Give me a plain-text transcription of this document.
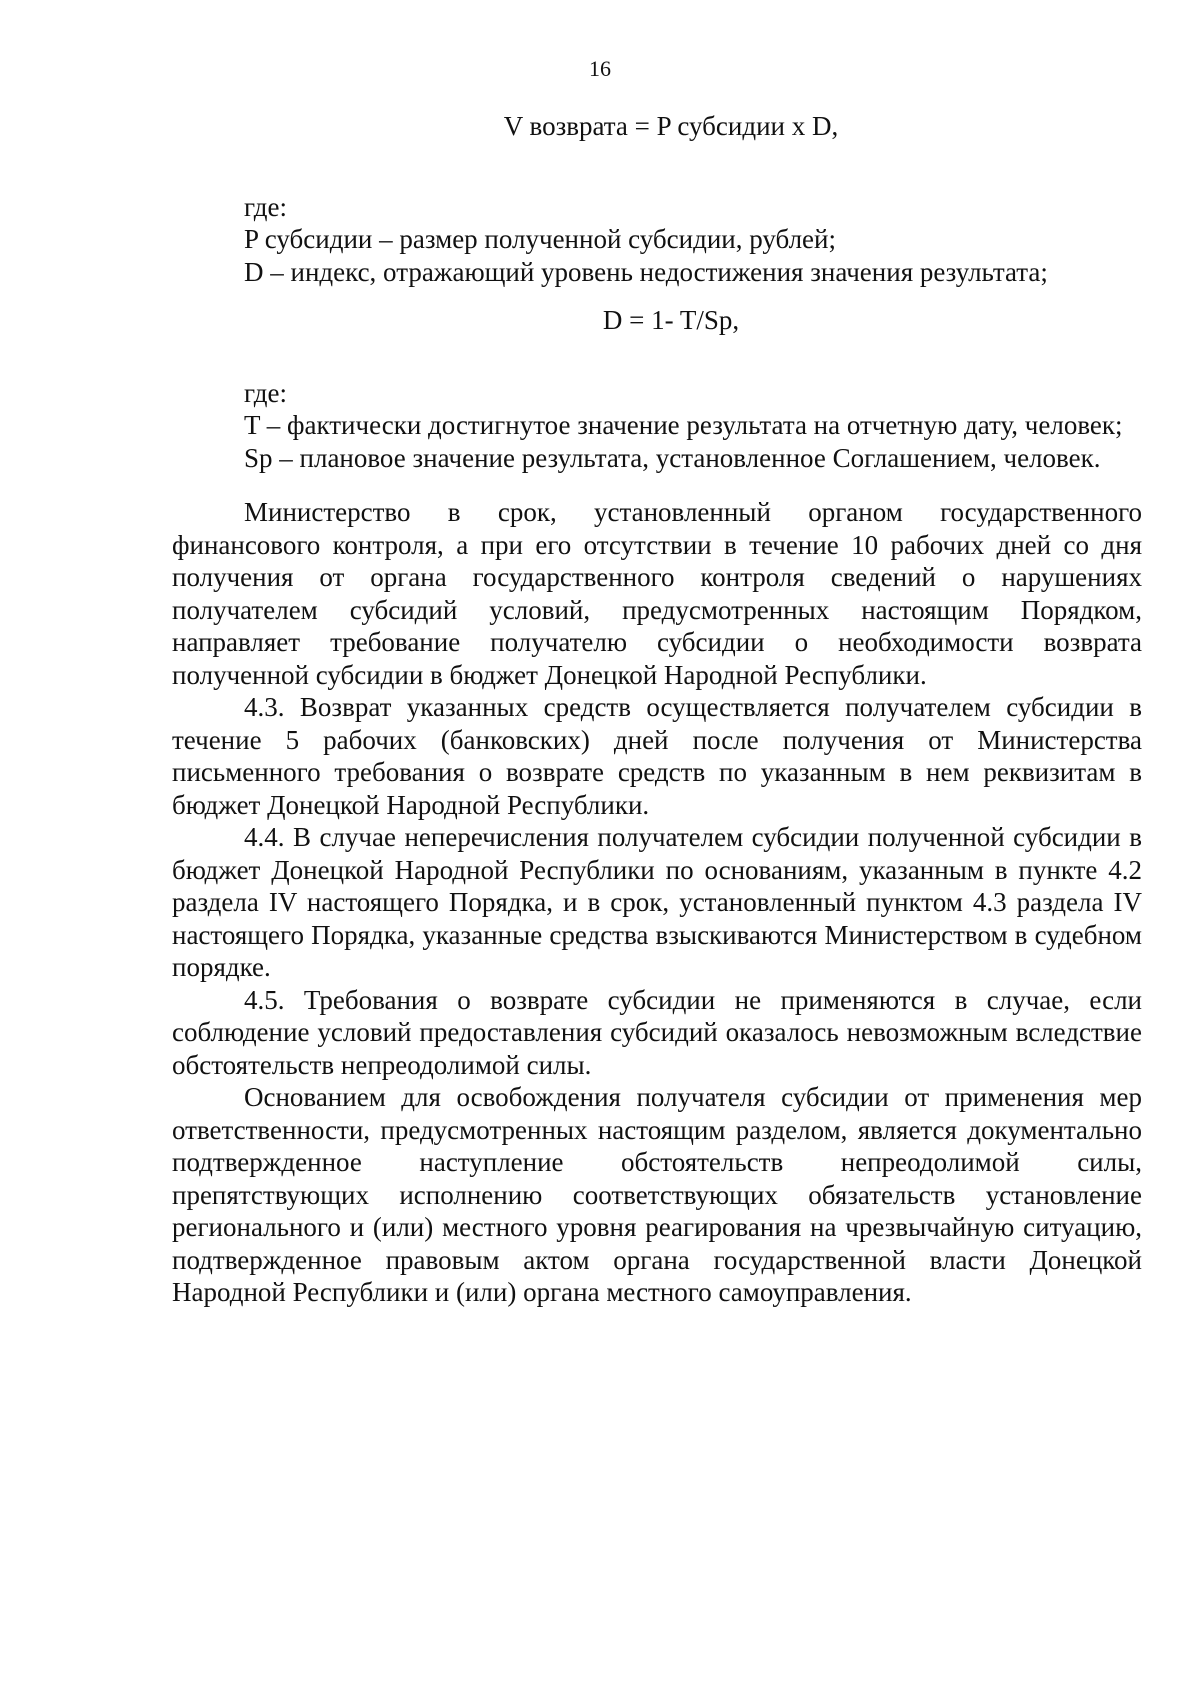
16

V возврата = P субсидии x D,

где:

P субсидии – размер полученной субсидии, рублей;

D – индекс, отражающий уровень недостижения значения результата;

D = 1- T/Sp,

где:

T – фактически достигнутое значение результата на отчетную дату, человек;

Sp – плановое значение результата, установленное Соглашением, человек.

Министерство в срок, установленный органом государственного финансового контроля, а при его отсутствии в течение 10 рабочих дней со дня получения от органа государственного контроля сведений о нарушениях получателем субсидий условий, предусмотренных настоящим Порядком, направляет требование получателю субсидии о необходимости возврата полученной субсидии в бюджет Донецкой Народной Республики.

4.3. Возврат указанных средств осуществляется получателем субсидии в течение 5 рабочих (банковских) дней после получения от Министерства письменного требования о возврате средств по указанным в нем реквизитам в бюджет Донецкой Народной Республики.

4.4. В случае неперечисления получателем субсидии полученной субсидии в бюджет Донецкой Народной Республики по основаниям, указанным в пункте 4.2 раздела IV настоящего Порядка, и в срок, установленный пунктом 4.3 раздела IV настоящего Порядка, указанные средства взыскиваются Министерством в судебном порядке.

4.5. Требования о возврате субсидии не применяются в случае, если соблюдение условий предоставления субсидий оказалось невозможным вследствие обстоятельств непреодолимой силы.

Основанием для освобождения получателя субсидии от применения мер ответственности, предусмотренных настоящим разделом, является документально подтвержденное наступление обстоятельств непреодолимой силы, препятствующих исполнению соответствующих обязательств установление регионального и (или) местного уровня реагирования на чрезвычайную ситуацию, подтвержденное правовым актом органа государственной власти Донецкой Народной Республики и (или) органа местного самоуправления.
